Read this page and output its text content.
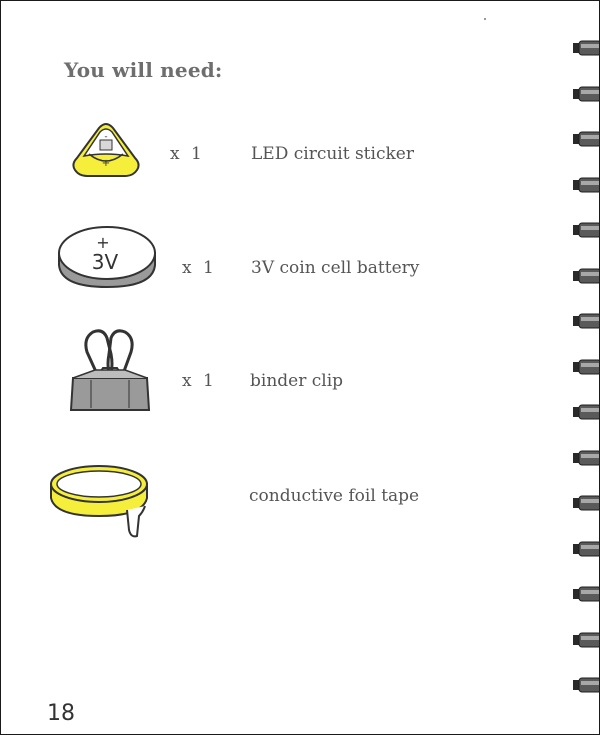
You will need:
-
+	x 1	LED circuit sticker
+
3V	x 1 3V coin cell battery
x 1 binder clip
conductive foil tape
18
